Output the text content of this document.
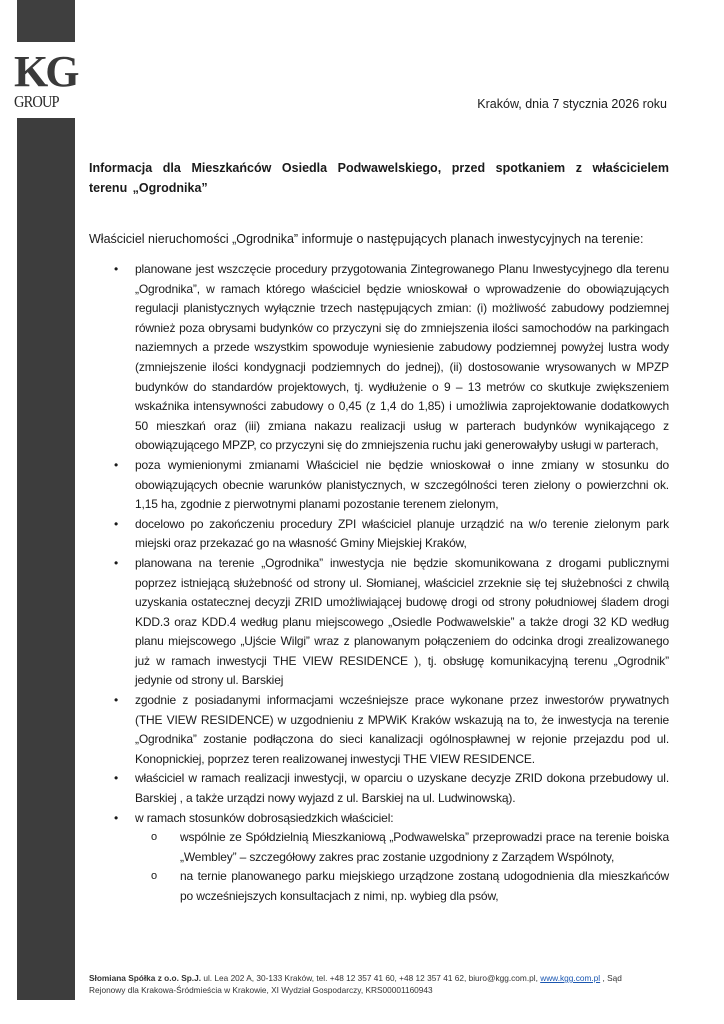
KG
GROUP	Kraków, dnia 7 stycznia 2026 roku
Informacja dla Mieszkańców Osiedla Podwawelskiego, przed spotkaniem z właścicielem terenu „Ogrodnika”
Właściciel nieruchomości „Ogrodnika” informuje o następujących planach inwestycyjnych na terenie:
• planowane jest wszczęcie procedury przygotowania Zintegrowanego Planu Inwestycyjnego dla terenu „Ogrodnika”, w ramach którego właściciel będzie wnioskował o wprowadzenie do obowiązujących regulacji planistycznych wyłącznie trzech następujących zmian: (i) możliwość zabudowy podziemnej również poza obrysami budynków co przyczyni się do zmniejszenia ilości samochodów na parkingach naziemnych a przede wszystkim spowoduje wyniesienie zabudowy podziemnej powyżej lustra wody (zmniejszenie ilości kondygnacji podziemnych do jednej), (ii) dostosowanie wrysowanych w MPZP budynków do standardów projektowych, tj. wydłużenie o 9 – 13 metrów co skutkuje zwiększeniem wskaźnika intensywności zabudowy o 0,45 (z 1,4 do 1,85) i umożliwia zaprojektowanie dodatkowych 50 mieszkań oraz (iii) zmiana nakazu realizacji usług w parterach budynków wynikającego z obowiązującego MPZP, co przyczyni się do zmniejszenia ruchu jaki generowałyby usługi w parterach,
• poza wymienionymi zmianami Właściciel nie będzie wnioskował o inne zmiany w stosunku do obowiązujących obecnie warunków planistycznych, w szczególności teren zielony o powierzchni ok. 1,15 ha, zgodnie z pierwotnymi planami pozostanie terenem zielonym,
• docelowo po zakończeniu procedury ZPI właściciel planuje urządzić na w/o terenie zielonym park miejski oraz przekazać go na własność Gminy Miejskiej Kraków,
• planowana na terenie „Ogrodnika” inwestycja nie będzie skomunikowana z drogami publicznymi poprzez istniejącą służebność od strony ul. Słomianej, właściciel zrzeknie się tej służebności z chwilą uzyskania ostatecznej decyzji ZRID umożliwiającej budowę drogi od strony południowej śladem drogi KDD.3 oraz KDD.4 według planu miejscowego „Osiedle Podwawelskie” a także drogi 32 KD według planu miejscowego „Ujście Wilgi” wraz z planowanym połączeniem do odcinka drogi zrealizowanego już w ramach inwestycji THE VIEW RESIDENCE ), tj. obsługę komunikacyjną terenu „Ogrodnik” jedynie od strony ul. Barskiej
• zgodnie z posiadanymi informacjami wcześniejsze prace wykonane przez inwestorów prywatnych (THE VIEW RESIDENCE) w uzgodnieniu z MPWiK Kraków wskazują na to, że inwestycja na terenie „Ogrodnika” zostanie podłączona do sieci kanalizacji ogólnospławnej w rejonie przejazdu pod ul. Konopnickiej, poprzez teren realizowanej inwestycji THE VIEW RESIDENCE.
• właściciel w ramach realizacji inwestycji, w oparciu o uzyskane decyzje ZRID dokona przebudowy ul. Barskiej , a także urządzi nowy wyjazd z ul. Barskiej na ul. Ludwinowską).
• w ramach stosunków dobrosąsiedzkich właściciel:
o wspólnie ze Spółdzielnią Mieszkaniową „Podwawelska” przeprowadzi prace na terenie boiska „Wembley” – szczegółowy zakres prac zostanie uzgodniony z Zarządem Wspólnoty,
o na ternie planowanego parku miejskiego urządzone zostaną udogodnienia dla mieszkańców po wcześniejszych konsultacjach z nimi, np. wybieg dla psów,
Słomiana Spółka z o.o. Sp.J. ul. Lea 202 A, 30-133 Kraków, tel. +48 12 357 41 60, +48 12 357 41 62, biuro@kgg.com.pl, www.kgg.com.pl , Sąd Rejonowy dla Krakowa-Śródmieścia w Krakowie, XI Wydział Gospodarczy, KRS00001160943
